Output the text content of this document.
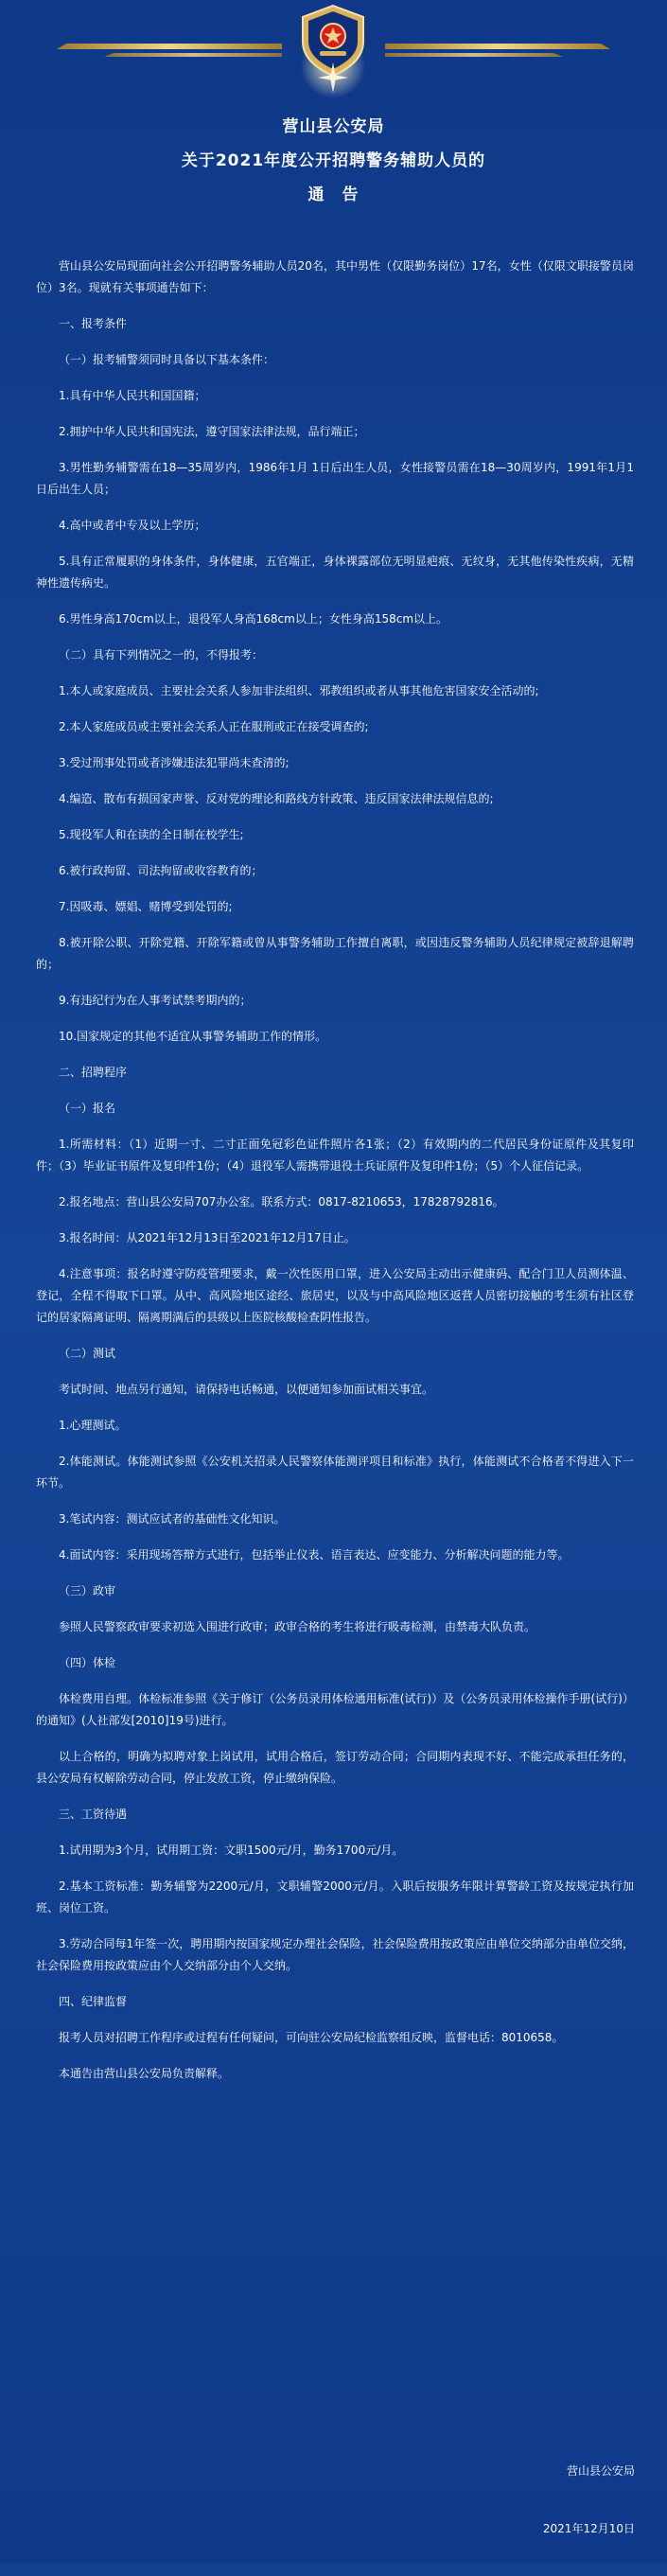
营山县公安局
关于2021年度公开招聘警务辅助人员的
通　告

营山县公安局现面向社会公开招聘警务辅助人员20名，其中男性（仅限勤务岗位）17名，女性（仅限文职接警员岗位）3名。现就有关事项通告如下：

一、报考条件

（一）报考辅警须同时具备以下基本条件：

1.具有中华人民共和国国籍；

2.拥护中华人民共和国宪法，遵守国家法律法规，品行端正；

3.男性勤务辅警需在18—35周岁内，1986年1月 1日后出生人员，女性接警员需在18—30周岁内，1991年1月1日后出生人员；

4.高中或者中专及以上学历；

5.具有正常履职的身体条件，身体健康，五官端正，身体裸露部位无明显疤痕、无纹身，无其他传染性疾病，无精神性遗传病史。

6.男性身高170cm以上，退役军人身高168cm以上；女性身高158cm以上。

（二）具有下列情况之一的，不得报考：

1.本人或家庭成员、主要社会关系人参加非法组织、邪教组织或者从事其他危害国家安全活动的;

2.本人家庭成员或主要社会关系人正在服刑或正在接受调查的;

3.受过刑事处罚或者涉嫌违法犯罪尚未查清的;

4.编造、散布有损国家声誉、反对党的理论和路线方针政策、违反国家法律法规信息的;

5.现役军人和在读的全日制在校学生;

6.被行政拘留、司法拘留或收容教育的；

7.因吸毒、嫖娼、赌博受到处罚的;

8.被开除公职、开除党籍、开除军籍或曾从事警务辅助工作擅自离职，或因违反警务辅助人员纪律规定被辞退解聘的；

9.有违纪行为在人事考试禁考期内的；

10.国家规定的其他不适宜从事警务辅助工作的情形。

二、招聘程序

（一）报名

1.所需材料：（1）近期一寸、二寸正面免冠彩色证件照片各1张；（2）有效期内的二代居民身份证原件及其复印件；（3）毕业证书原件及复印件1份；（4）退役军人需携带退役士兵证原件及复印件1份；（5）个人征信记录。

2.报名地点：营山县公安局707办公室。联系方式：0817-8210653，17828792816。

3.报名时间：从2021年12月13日至2021年12月17日止。

4.注意事项：报名时遵守防疫管理要求，戴一次性医用口罩，进入公安局主动出示健康码、配合门卫人员测体温、登记，全程不得取下口罩。从中、高风险地区途经、旅居史，以及与中高风险地区返营人员密切接触的考生须有社区登记的居家隔离证明、隔离期满后的县级以上医院核酸检查阴性报告。

（二）测试

考试时间、地点另行通知，请保持电话畅通，以便通知参加面试相关事宜。

1.心理测试。

2.体能测试。体能测试参照《公安机关招录人民警察体能测评项目和标准》执行，体能测试不合格者不得进入下一环节。

3.笔试内容：测试应试者的基础性文化知识。

4.面试内容：采用现场答辩方式进行，包括举止仪表、语言表达、应变能力、分析解决问题的能力等。

（三）政审

参照人民警察政审要求初选入围进行政审；政审合格的考生将进行吸毒检测，由禁毒大队负责。

（四）体检

体检费用自理。体检标准参照《关于修订（公务员录用体检通用标准(试行)）及（公务员录用体检操作手册(试行)）的通知》(人社部发[2010]19号)进行。

以上合格的，明确为拟聘对象上岗试用，试用合格后，签订劳动合同；合同期内表现不好、不能完成承担任务的，县公安局有权解除劳动合同，停止发放工资，停止缴纳保险。

三、工资待遇

1.试用期为3个月，试用期工资：文职1500元/月，勤务1700元/月。

2.基本工资标准：勤务辅警为2200元/月，文职辅警2000元/月。入职后按服务年限计算警龄工资及按规定执行加班、岗位工资。

3.劳动合同每1年签一次，聘用期内按国家规定办理社会保险，社会保险费用按政策应由单位交纳部分由单位交纳，社会保险费用按政策应由个人交纳部分由个人交纳。

四、纪律监督

报考人员对招聘工作程序或过程有任何疑问，可向驻公安局纪检监察组反映，监督电话：8010658。

本通告由营山县公安局负责解释。

营山县公安局
2021年12月10日
